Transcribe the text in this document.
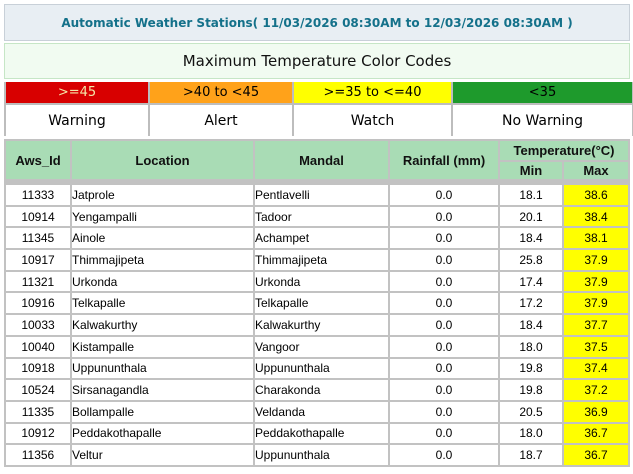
Automatic Weather Stations( 11/03/2026 08:30AM to 12/03/2026 08:30AM )
Maximum Temperature Color Codes
>=45	>40 to <45	>=35 to <=40	<35
Warning	Alert	Watch	No Warning
Aws_Id	Location	Mandal	Rainfall (mm)	Temperature(°C)	
				Min	Max

11333	Jatprole	Pentlavelli	0.0	18.1	38.6
10914	Yengampalli	Tadoor	0.0	20.1	38.4
11345	Ainole	Achampet	0.0	18.4	38.1
10917	Thimmajipeta	Thimmajipeta	0.0	25.8	37.9
11321	Urkonda	Urkonda	0.0	17.4	37.9
10916	Telkapalle	Telkapalle	0.0	17.2	37.9
10033	Kalwakurthy	Kalwakurthy	0.0	18.4	37.7
10040	Kistampalle	Vangoor	0.0	18.0	37.5
10918	Uppununthala	Uppununthala	0.0	19.8	37.4
10524	Sirsanagandla	Charakonda	0.0	19.8	37.2
11335	Bollampalle	Veldanda	0.0	20.5	36.9
10912	Peddakothapalle	Peddakothapalle	0.0	18.0	36.7
11356	Veltur	Uppununthala	0.0	18.7	36.7
